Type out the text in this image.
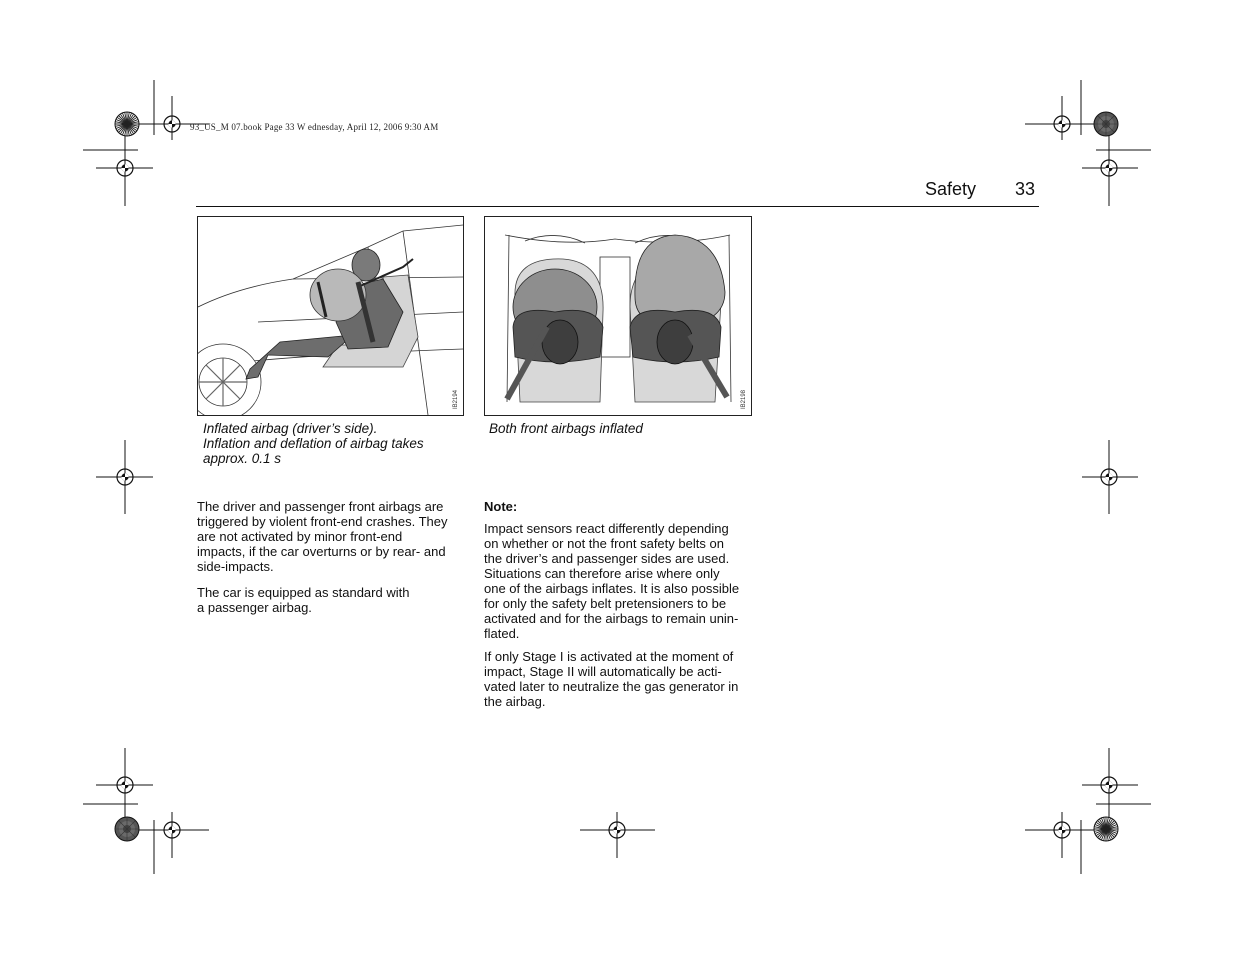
93_US_M 07.book Page 33 W ednesday, April 12, 2006 9:30 AM
Safety 33
IB2194	IB2198
Inflated airbag (driver’s side).
Inflation and deflation of airbag takes
approx. 0.1 s
Both front airbags inflated

The driver and passenger front airbags are
triggered by violent front-end crashes. They
are not activated by minor front-end
impacts, if the car overturns or by rear- and
side-impacts.

The car is equipped as standard with
a passenger airbag.

Note:

Impact sensors react differently depending
on whether or not the front safety belts on
the driver’s and passenger sides are used.
Situations can therefore arise where only
one of the airbags inflates. It is also possible
for only the safety belt pretensioners to be
activated and for the airbags to remain unin-
flated.

If only Stage I is activated at the moment of
impact, Stage II will automatically be acti-
vated later to neutralize the gas generator in
the airbag.
